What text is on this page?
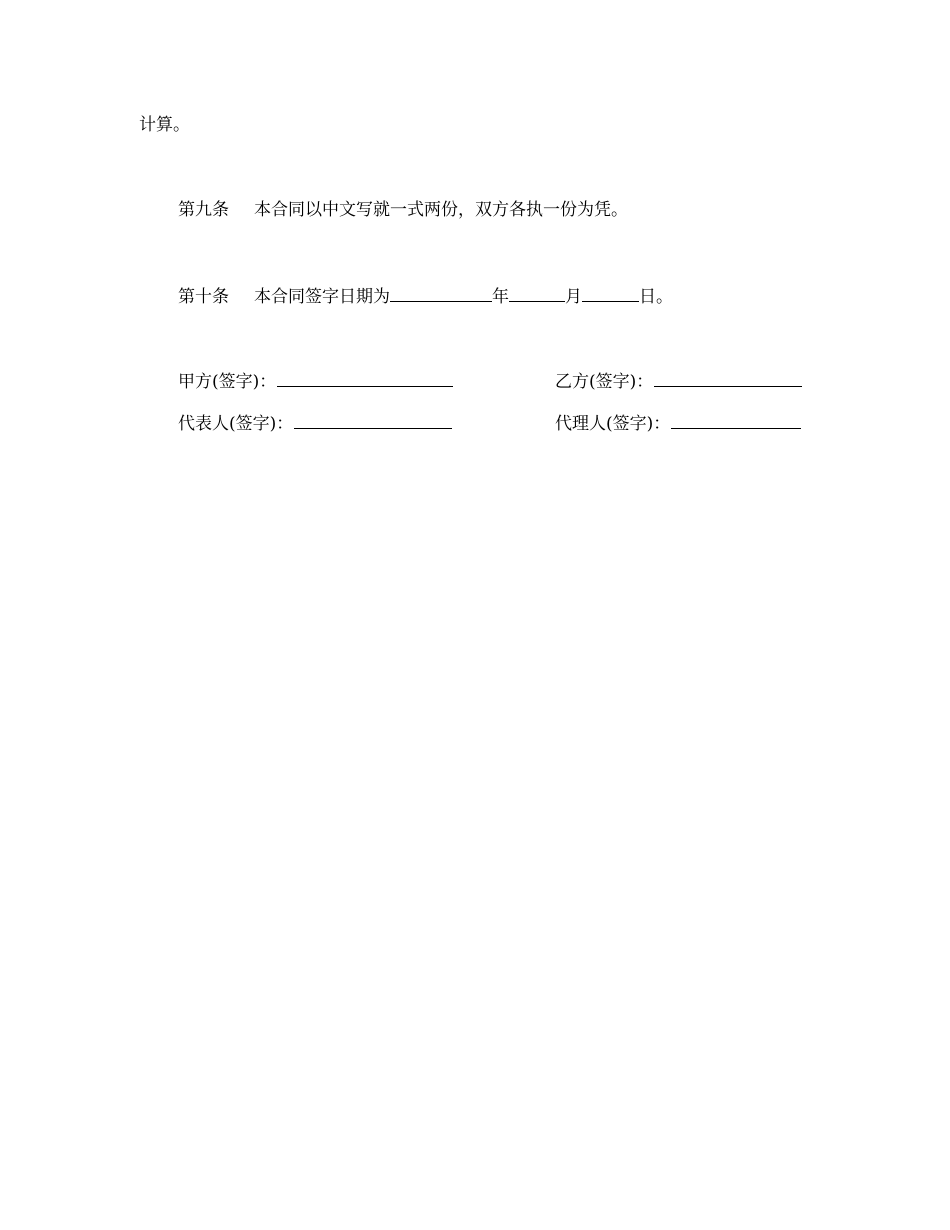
计算。
第九条 本合同以中文写就一式两份，双方各执一份为凭。
第十条 本合同签字日期为	年	月	日。
甲方(签字)：	乙方(签字)：
代表人(签字)：	代理人(签字)：
